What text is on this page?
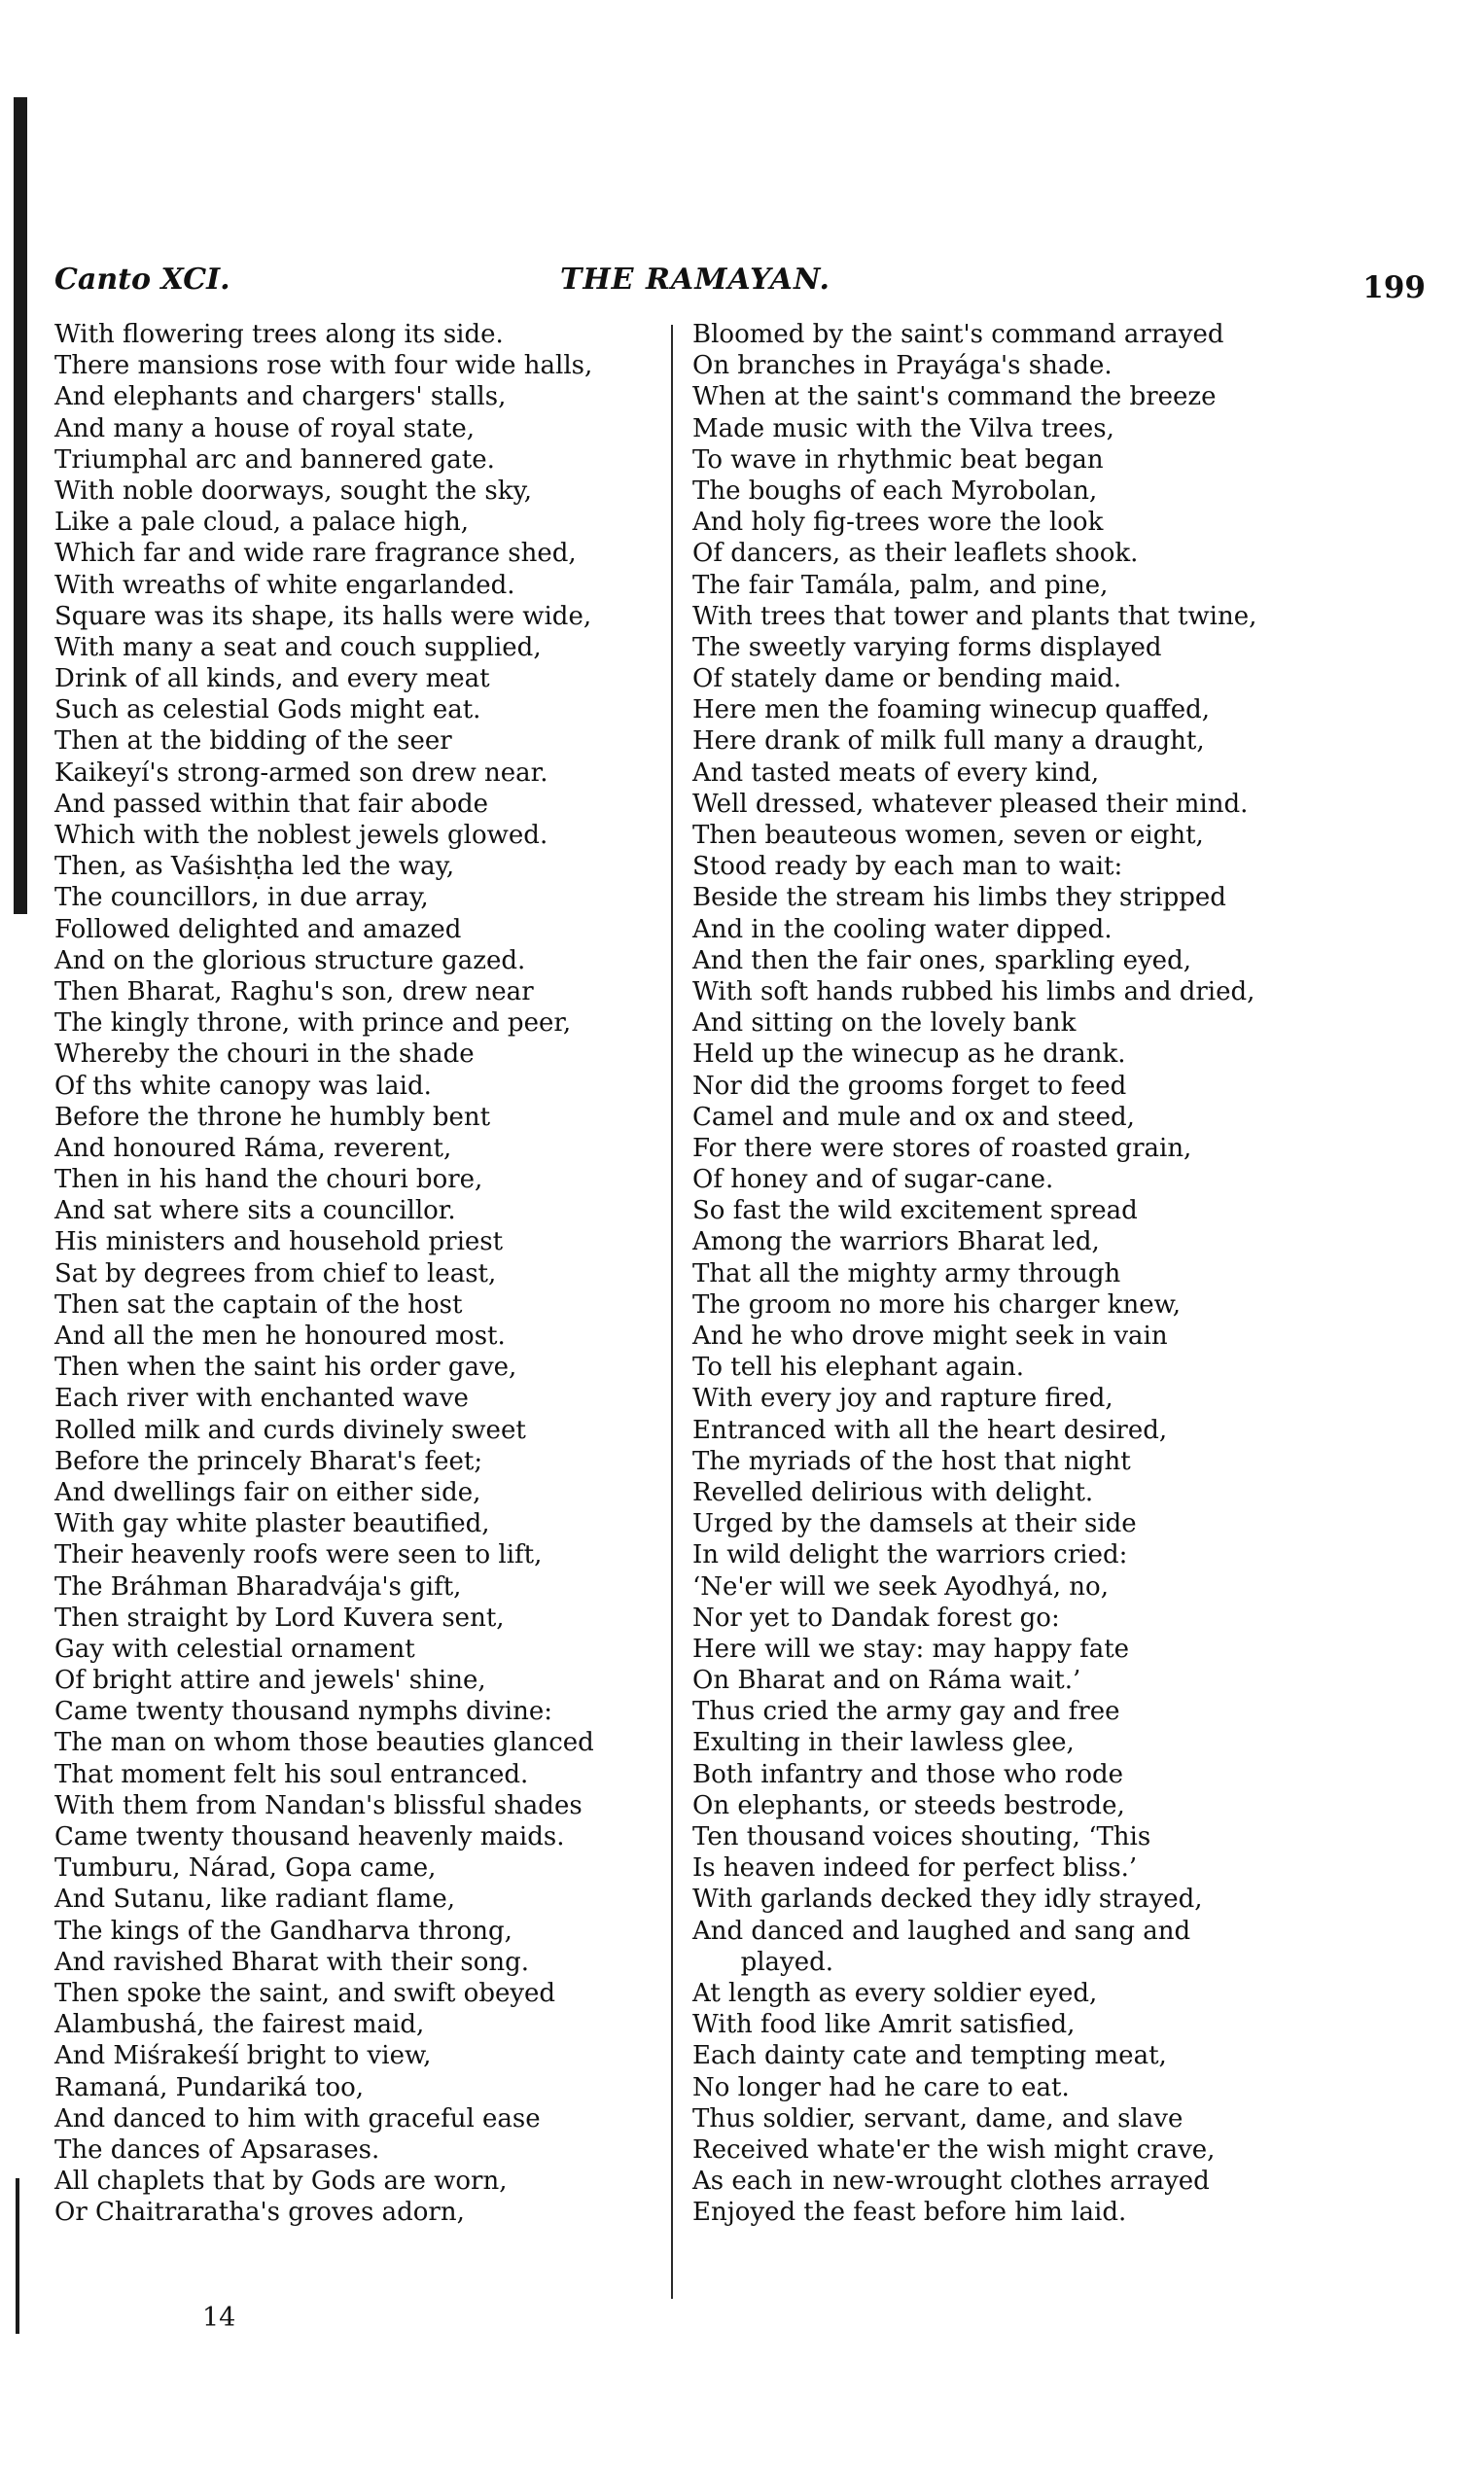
Canto XCI.	THE RAMAYAN.	199
With flowering trees along its side.
There mansions rose with four wide halls,
And elephants and chargers' stalls,
And many a house of royal state,
Triumphal arc and bannered gate.
With noble doorways, sought the sky,
Like a pale cloud, a palace high,
Which far and wide rare fragrance shed,
With wreaths of white engarlanded.
Square was its shape, its halls were wide,
With many a seat and couch supplied,
Drink of all kinds, and every meat
Such as celestial Gods might eat.
Then at the bidding of the seer
Kaikeyí's strong-armed son drew near.
And passed within that fair abode
Which with the noblest jewels glowed.
Then, as Vaśishṭha led the way,
The councillors, in due array,
Followed delighted and amazed
And on the glorious structure gazed.
Then Bharat, Raghu's son, drew near
The kingly throne, with prince and peer,
Whereby the chouri in the shade
Of ths white canopy was laid.
Before the throne he humbly bent
And honoured Ráma, reverent,
Then in his hand the chouri bore,
And sat where sits a councillor.
His ministers and household priest
Sat by degrees from chief to least,
Then sat the captain of the host
And all the men he honoured most.
Then when the saint his order gave,
Each river with enchanted wave
Rolled milk and curds divinely sweet
Before the princely Bharat's feet;
And dwellings fair on either side,
With gay white plaster beautified,
Their heavenly roofs were seen to lift,
The Bráhman Bharadvája's gift,
Then straight by Lord Kuvera sent,
Gay with celestial ornament
Of bright attire and jewels' shine,
Came twenty thousand nymphs divine:
The man on whom those beauties glanced
That moment felt his soul entranced.
With them from Nandan's blissful shades
Came twenty thousand heavenly maids.
Tumburu, Nárad, Gopa came,
And Sutanu, like radiant flame,
The kings of the Gandharva throng,
And ravished Bharat with their song.
Then spoke the saint, and swift obeyed
Alambushá, the fairest maid,
And Miśrakeśí bright to view,
Ramaná, Pundariká too,
And danced to him with graceful ease
The dances of Apsarases.
All chaplets that by Gods are worn,
Or Chaitraratha's groves adorn,
Bloomed by the saint's command arrayed
On branches in Prayága's shade.
When at the saint's command the breeze
Made music with the Vilva trees,
To wave in rhythmic beat began
The boughs of each Myrobolan,
And holy fig-trees wore the look
Of dancers, as their leaflets shook.
The fair Tamála, palm, and pine,
With trees that tower and plants that twine,
The sweetly varying forms displayed
Of stately dame or bending maid.
Here men the foaming winecup quaffed,
Here drank of milk full many a draught,
And tasted meats of every kind,
Well dressed, whatever pleased their mind.
Then beauteous women, seven or eight,
Stood ready by each man to wait:
Beside the stream his limbs they stripped
And in the cooling water dipped.
And then the fair ones, sparkling eyed,
With soft hands rubbed his limbs and dried,
And sitting on the lovely bank
Held up the winecup as he drank.
Nor did the grooms forget to feed
Camel and mule and ox and steed,
For there were stores of roasted grain,
Of honey and of sugar-cane.
So fast the wild excitement spread
Among the warriors Bharat led,
That all the mighty army through
The groom no more his charger knew,
And he who drove might seek in vain
To tell his elephant again.
With every joy and rapture fired,
Entranced with all the heart desired,
The myriads of the host that night
Revelled delirious with delight.
Urged by the damsels at their side
In wild delight the warriors cried:
‘Ne'er will we seek Ayodhyá, no,
Nor yet to Dandak forest go:
Here will we stay: may happy fate
On Bharat and on Ráma wait.’
Thus cried the army gay and free
Exulting in their lawless glee,
Both infantry and those who rode
On elephants, or steeds bestrode,
Ten thousand voices shouting, ‘This
Is heaven indeed for perfect bliss.’
With garlands decked they idly strayed,
And danced and laughed and sang and
played.
At length as every soldier eyed,
With food like Amrit satisfied,
Each dainty cate and tempting meat,
No longer had he care to eat.
Thus soldier, servant, dame, and slave
Received whate'er the wish might crave,
As each in new-wrought clothes arrayed
Enjoyed the feast before him laid.
14
